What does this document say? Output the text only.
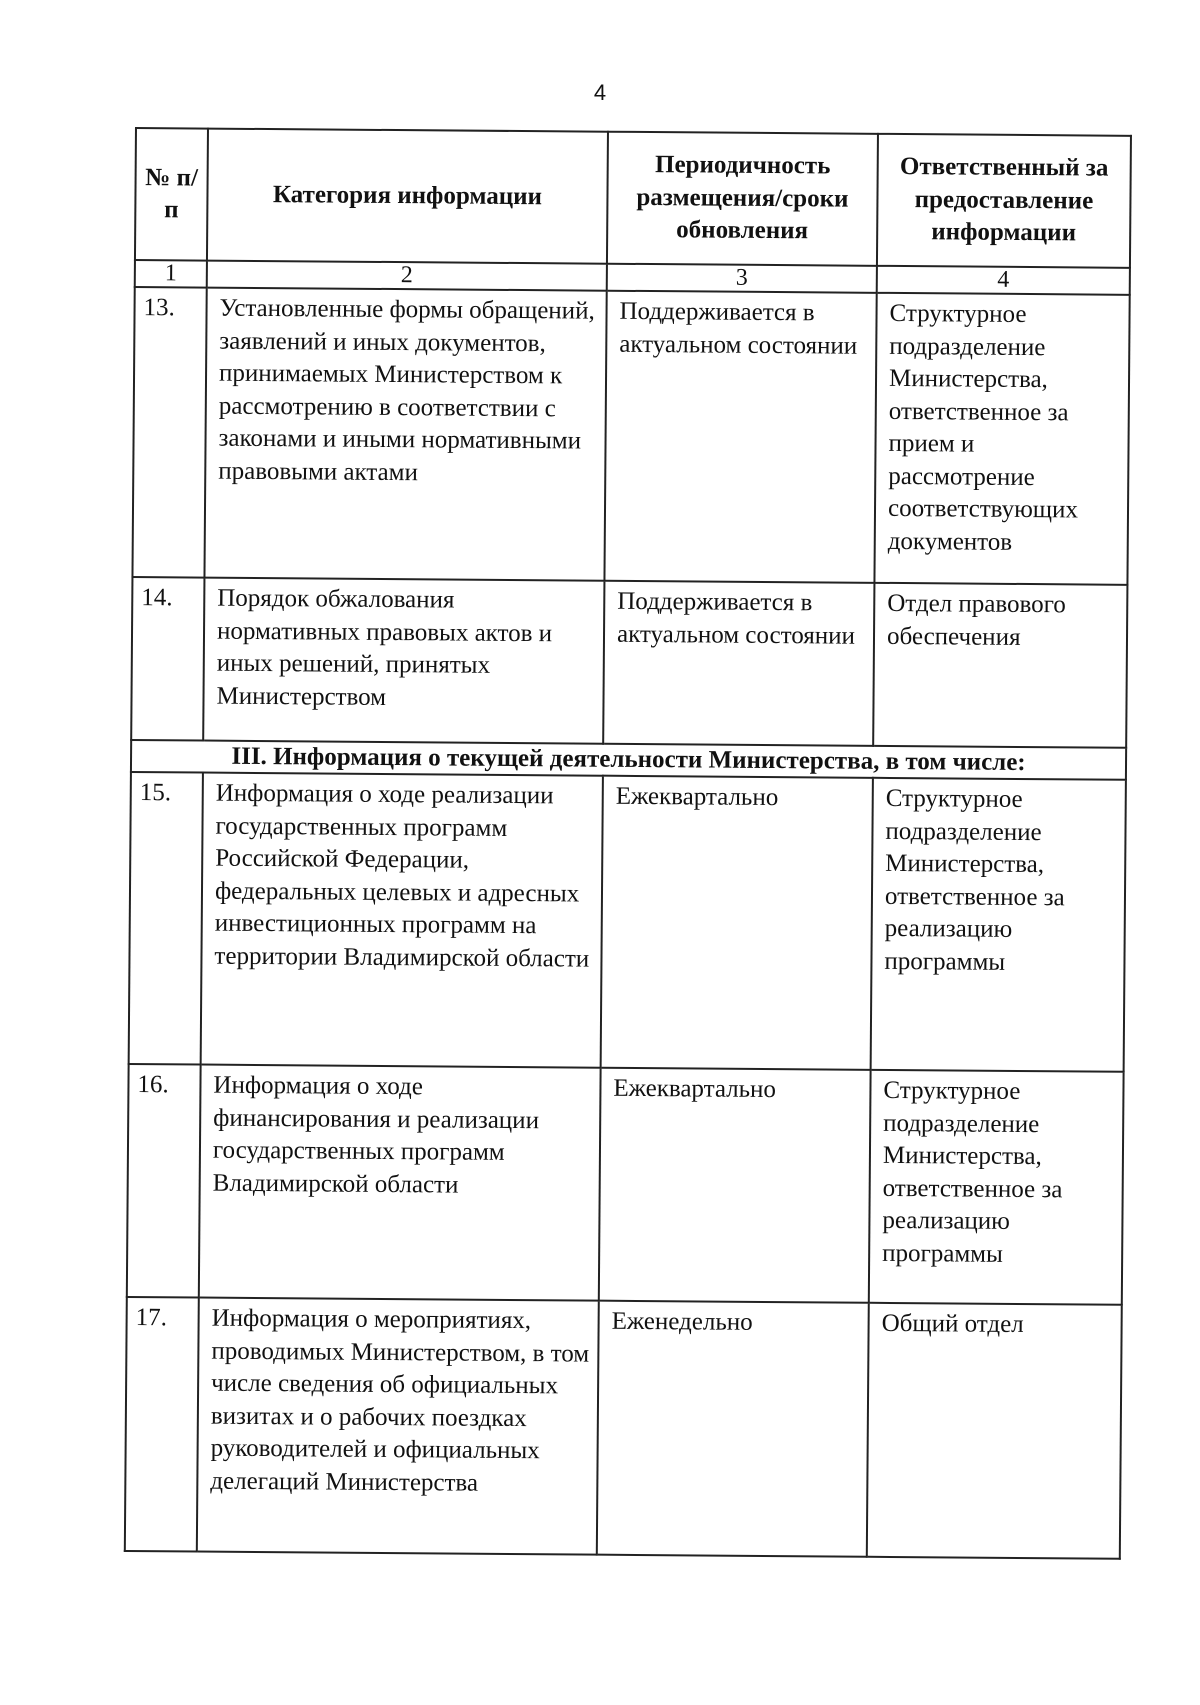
4
№ п/п	Категория информации	Периодичность размещения/сроки обновления	Ответственный за предоставление информации
1	2	3	4
13.	Установленные формы обращений, заявлений и иных документов, принимаемых Министерством к рассмотрению в соответствии с законами и иными нормативными правовыми актами	Поддерживается в актуальном состоянии	Структурное подразделение Министерства, ответственное за прием и рассмотрение соответствующих документов
14.	Порядок обжалования нормативных правовых актов и иных решений, принятых Министерством	Поддерживается в актуальном состоянии	Отдел правового обеспечения
III. Информация о текущей деятельности Министерства, в том числе:			
15.	Информация о ходе реализации государственных программ Российской Федерации, федеральных целевых и адресных инвестиционных программ на территории Владимирской области	Ежеквартально	Структурное подразделение Министерства, ответственное за реализацию программы
16.	Информация о ходе финансирования и реализации государственных программ Владимирской области	Ежеквартально	Структурное подразделение Министерства, ответственное за реализацию программы
17.	Информация о мероприятиях, проводимых Министерством, в том числе сведения об официальных визитах и о рабочих поездках руководителей и официальных делегаций Министерства	Еженедельно	Общий отдел
